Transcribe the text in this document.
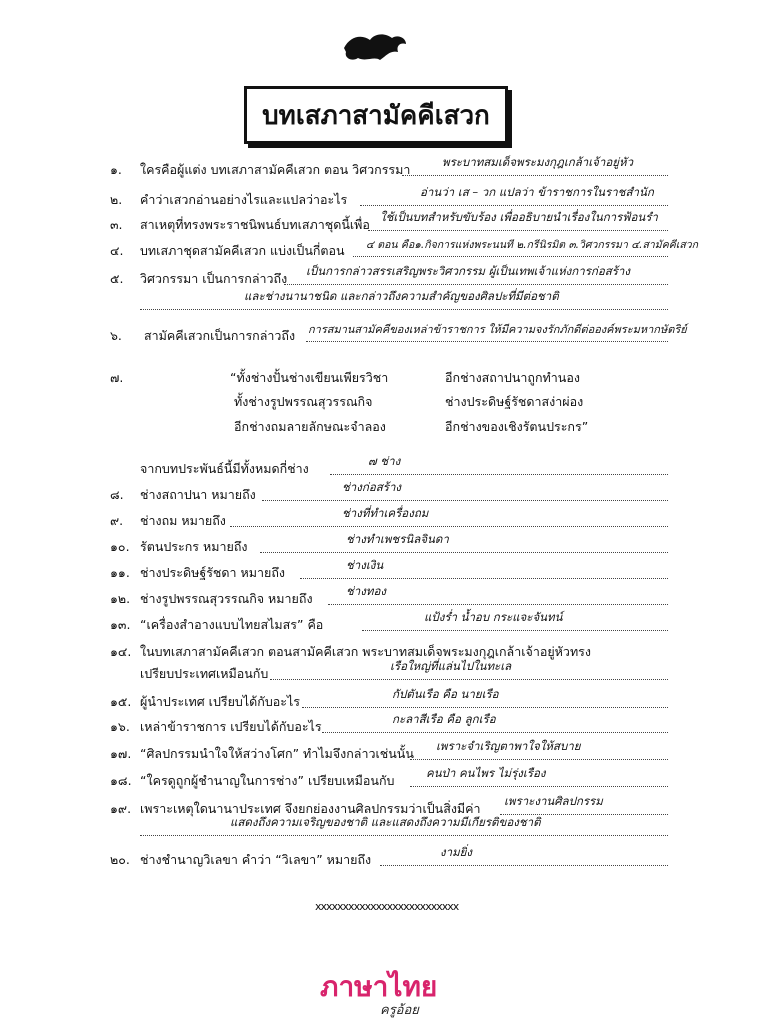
บทเสภาสามัคคีเสวก
๑. ใครคือผู้แต่ง บทเสภาสามัคคีเสวก ตอน วิศวกรรมา	พระบาทสมเด็จพระมงกุฎเกล้าเจ้าอยู่หัว
๒. คำว่าเสวกอ่านอย่างไรและแปลว่าอะไร	อ่านว่า เส – วก แปลว่า ข้าราชการในราชสำนัก
๓. สาเหตุที่ทรงพระราชนิพนธ์บทเสภาชุดนี้เพื่อ ใช้เป็นบทสำหรับขับร้อง เพื่ออธิบายนำเรื่องในการฟ้อนรำ
๔. บทเสภาชุดสามัคคีเสวก แบ่งเป็นกี่ตอน ๔ ตอน คือ๑.กิจการแห่งพระนนที ๒.กรีนิรมิต ๓.วิศวกรรมา ๔.สามัคคีเสวก
๕. วิศวกรรมา เป็นการกล่าวถึง เป็นการกล่าวสรรเสริญพระวิศวกรรม ผู้เป็นเทพเจ้าแห่งการก่อสร้าง
และช่างนานาชนิด และกล่าวถึงความสำคัญของศิลปะที่มีต่อชาติ
๖. สามัคคีเสวกเป็นการกล่าวถึง การสมานสามัคคีของเหล่าข้าราชการ ให้มีความจงรักภักดีต่อองค์พระมหากษัตริย์
๗.	“ทั้งช่างปั้นช่างเขียนเพียรวิชา	อีกช่างสถาปนาถูกทำนอง
ทั้งช่างรูปพรรณสุวรรณกิจ	ช่างประดิษฐ์รัชดาสง่าผ่อง
อีกช่างถมลายลักษณะจำลอง	อีกช่างของเชิงรัตนประกร”
จากบทประพันธ์นี้มีทั้งหมดกี่ช่าง	๗ ช่าง
๘. ช่างสถาปนา หมายถึง	ช่างก่อสร้าง
๙. ช่างถม หมายถึง	ช่างที่ทำเครื่องถม
๑๐. รัตนประกร หมายถึง	ช่างทำเพชรนิลจินดา
๑๑. ช่างประดิษฐ์รัชดา หมายถึง	ช่างเงิน
๑๒. ช่างรูปพรรณสุวรรณกิจ หมายถึง	ช่างทอง
๑๓. “เครื่องสำอางแบบไทยสไมสร” คือ	แป้งร่ำ น้ำอบ กระแจะจันทน์
๑๔. ในบทเสภาสามัคคีเสวก ตอนสามัคคีเสวก พระบาทสมเด็จพระมงกุฎเกล้าเจ้าอยู่หัวทรง
เปรียบประเทศเหมือนกับ	เรือใหญ่ที่แล่นไปในทะเล
๑๕. ผู้นำประเทศ เปรียบได้กับอะไร	กัปตันเรือ คือ นายเรือ
๑๖. เหล่าข้าราชการ เปรียบได้กับอะไร	กะลาสีเรือ คือ ลูกเรือ
๑๗. “ศิลปกรรมนำใจให้สว่างโศก” ทำไมจึงกล่าวเช่นนั้น เพราะจำเริญตาพาใจให้สบาย
๑๘. “ใครดูถูกผู้ชำนาญในการช่าง” เปรียบเหมือนกับ	คนป่า คนไพร ไม่รุ่งเรือง
๑๙. เพราะเหตุใดนานาประเทศ จึงยกย่องงานศิลปกรรมว่าเป็นสิ่งมีค่า เพราะงานศิลปกรรม
แสดงถึงความเจริญของชาติ และแสดงถึงความมีเกียรติของชาติ
๒๐. ช่างชำนาญวิเลขา คำว่า “วิเลขา” หมายถึง	งามยิ่ง
xxxxxxxxxxxxxxxxxxxxxxxxxx
ภาษาไทย
ครูอ้อย
